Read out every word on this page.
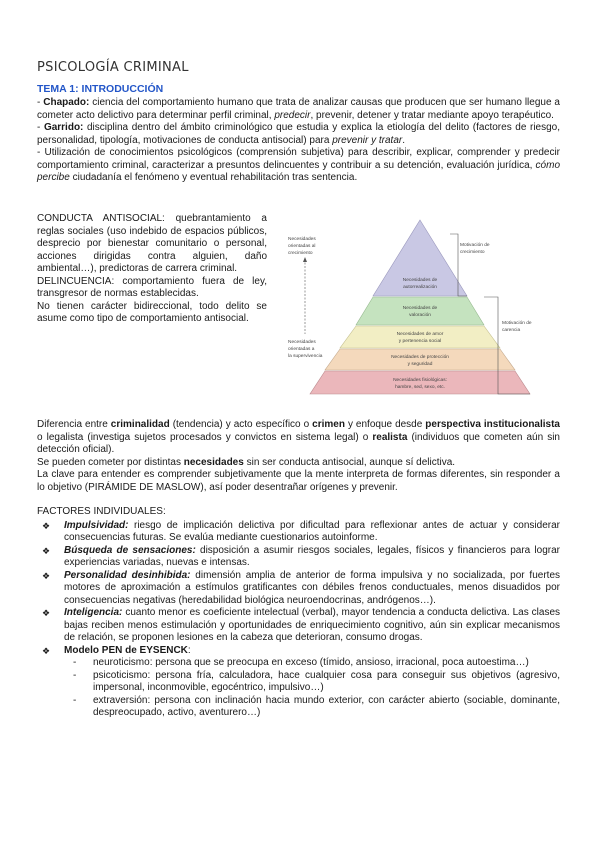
PSICOLOGÍA CRIMINAL
TEMA 1: INTRODUCCIÓN

- Chapado: ciencia del comportamiento humano que trata de analizar causas que producen que ser humano llegue a cometer acto delictivo para determinar perfil criminal, predecir, prevenir, detener y tratar mediante apoyo terapéutico.

- Garrido: disciplina dentro del ámbito criminológico que estudia y explica la etiología del delito (factores de riesgo, personalidad, tipología, motivaciones de conducta antisocial) para prevenir y tratar.

- Utilización de conocimientos psicológicos (comprensión subjetiva) para describir, explicar, comprender y predecir comportamiento criminal, caracterizar a presuntos delincuentes y contribuir a su detención, evaluación jurídica, cómo percibe ciudadanía el fenómeno y eventual rehabilitación tras sentencia.

CONDUCTA ANTISOCIAL: quebrantamiento a reglas sociales (uso indebido de espacios públicos, desprecio por bienestar comunitario o personal, acciones dirigidas contra alguien, daño ambiental…), predictoras de carrera criminal.

DELINCUENCIA: comportamiento fuera de ley, transgresor de normas establecidas.

No tienen carácter bidireccional, todo delito se asume como tipo de comportamiento antisocial.

Necesidades de
autorrealización
Necesidades de
valoración
Necesidades de amor
y pertenencia social
Necesidades de protección
y seguridad
Necesidades fisiológicas:
hambre, sed, sexo, etc.
Necesidades
orientadas al
crecimiento
Necesidades
orientadas a
la supervivencia
Motivación de
crecimiento
Motivación de
carencia

Diferencia entre criminalidad (tendencia) y acto específico o crimen y enfoque desde perspectiva institucionalista o legalista (investiga sujetos procesados y convictos en sistema legal) o realista (individuos que cometen aún sin detección oficial).

Se pueden cometer por distintas necesidades sin ser conducta antisocial, aunque sí delictiva.

La clave para entender es comprender subjetivamente que la mente interpreta de formas diferentes, sin responder a lo objetivo (PIRÁMIDE DE MASLOW), así poder desentrañar orígenes y prevenir.

FACTORES INDIVIDUALES:

❖ Impulsividad: riesgo de implicación delictiva por dificultad para reflexionar antes de actuar y considerar consecuencias futuras. Se evalúa mediante cuestionarios autoinforme.
❖ Búsqueda de sensaciones: disposición a asumir riesgos sociales, legales, físicos y financieros para lograr experiencias variadas, nuevas e intensas.
❖ Personalidad desinhibida: dimensión amplia de anterior de forma impulsiva y no socializada, por fuertes motores de aproximación a estímulos gratificantes con débiles frenos conductuales, menos disuadidos por consecuencias negativas (heredabilidad biológica neuroendocrinas, andrógenos…).
❖ Inteligencia: cuanto menor es coeficiente intelectual (verbal), mayor tendencia a conducta delictiva. Las clases bajas reciben menos estimulación y oportunidades de enriquecimiento cognitivo, aún sin explicar mecanismos de relación, se proponen lesiones en la cabeza que deterioran, consumo drogas.
❖ Modelo PEN de EYSENCK:
- neuroticismo: persona que se preocupa en exceso (tímido, ansioso, irracional, poca autoestima…)
- psicoticismo: persona fría, calculadora, hace cualquier cosa para conseguir sus objetivos (agresivo, impersonal, inconmovible, egocéntrico, impulsivo…)
- extraversión: persona con inclinación hacia mundo exterior, con carácter abierto (sociable, dominante, despreocupado, activo, aventurero…)
